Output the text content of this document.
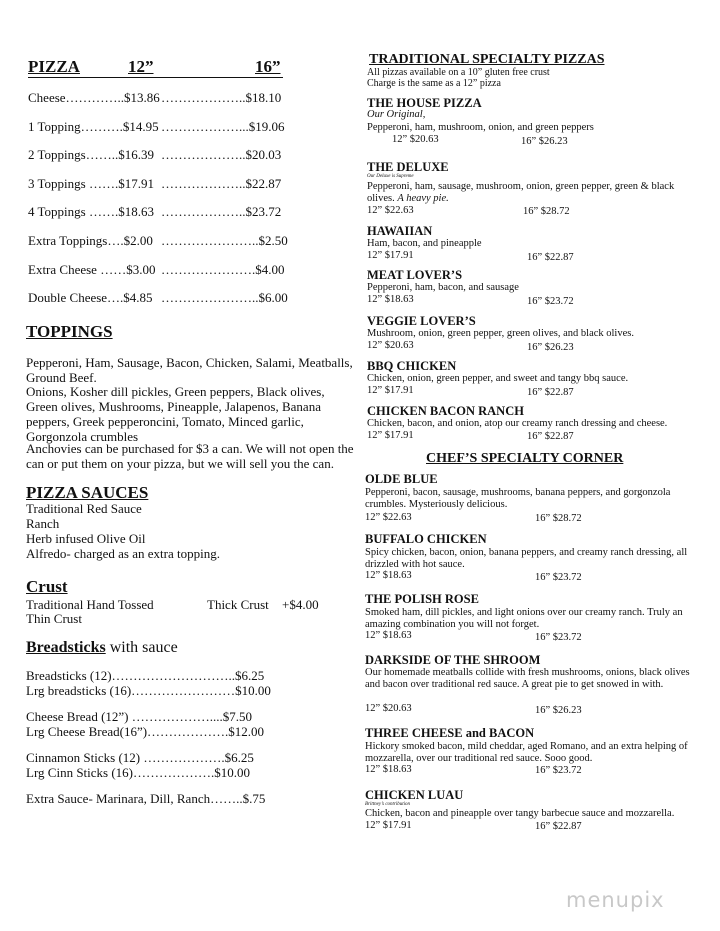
PIZZA	12”	16”
Cheese…………..$13.86 ………………..$18.10
1 Topping……….$14.95 ………………...$19.06
2 Toppings……..$16.39 ………………..$20.03
3 Toppings …….$17.91 ………………..$22.87
4 Toppings …….$18.63 ………………..$23.72
Extra Toppings….$2.00 …………………..$2.50
Extra Cheese ……$3.00 ………………….$4.00
Double Cheese….$4.85 …………………..$6.00
TOPPINGS
Pepperoni, Ham, Sausage, Bacon, Chicken, Salami, Meatballs, Ground Beef.
Onions, Kosher dill pickles, Green peppers, Black olives, Green olives, Mushrooms, Pineapple, Jalapenos, Banana peppers, Greek pepperoncini, Tomato, Minced garlic, Gorgonzola crumbles
Anchovies can be purchased for $3 a can. We will not open the can or put them on your pizza, but we will sell you the can.
PIZZA SAUCES
Traditional Red Sauce
Ranch
Herb infused Olive Oil
Alfredo- charged as an extra topping.
Crust
Traditional Hand Tossed	Thick Crust +$4.00
Thin Crust
Breadsticks with sauce
Breadsticks (12)………………………..$6.25
Lrg breadsticks (16)……………………$10.00
Cheese Bread (12”) ………………....$7.50
Lrg Cheese Bread(16”)……………….$12.00
Cinnamon Sticks (12) ……………….$6.25
Lrg Cinn Sticks (16)……………….$10.00
Extra Sauce- Marinara, Dill, Ranch……..$.75
TRADITIONAL SPECIALTY PIZZAS
All pizzas available on a 10” gluten free crust
Charge is the same as a 12” pizza
THE HOUSE PIZZA
Our Original,
Pepperoni, ham, mushroom, onion, and green peppers
12” $20.63	16” $26.23
THE DELUXE
Our Deluxe is Supreme
Pepperoni, ham, sausage, mushroom, onion, green pepper, green & black olives. A heavy pie.
12” $22.63	16” $28.72
HAWAIIAN
Ham, bacon, and pineapple
12” $17.91	16” $22.87
MEAT LOVER’S
Pepperoni, ham, bacon, and sausage
12” $18.63	16” $23.72
VEGGIE LOVER’S
Mushroom, onion, green pepper, green olives, and black olives.
12” $20.63	16” $26.23
BBQ CHICKEN
Chicken, onion, green pepper, and sweet and tangy bbq sauce.
12” $17.91	16” $22.87
CHICKEN BACON RANCH
Chicken, bacon, and onion, atop our creamy ranch dressing and cheese.
12” $17.91	16” $22.87
CHEF’S SPECIALTY CORNER
OLDE BLUE
Pepperoni, bacon, sausage, mushrooms, banana peppers, and gorgonzola crumbles. Mysteriously delicious.
12” $22.63	16” $28.72
BUFFALO CHICKEN
Spicy chicken, bacon, onion, banana peppers, and creamy ranch dressing, all drizzled with hot sauce.
12” $18.63	16” $23.72
THE POLISH ROSE
Smoked ham, dill pickles, and light onions over our creamy ranch. Truly an amazing combination you will not forget.
12” $18.63	16” $23.72
DARKSIDE OF THE SHROOM
Our homemade meatballs collide with fresh mushrooms, onions, black olives and bacon over traditional red sauce. A great pie to get snowed in with.
12” $20.63	16” $26.23
THREE CHEESE and BACON
Hickory smoked bacon, mild cheddar, aged Romano, and an extra helping of mozzarella, over our traditional red sauce. Sooo good.
12” $18.63	16” $23.72
CHICKEN LUAU
Brittney’s contribution
Chicken, bacon and pineapple over tangy barbecue sauce and mozzarella.
12” $17.91	16” $22.87
menupix
